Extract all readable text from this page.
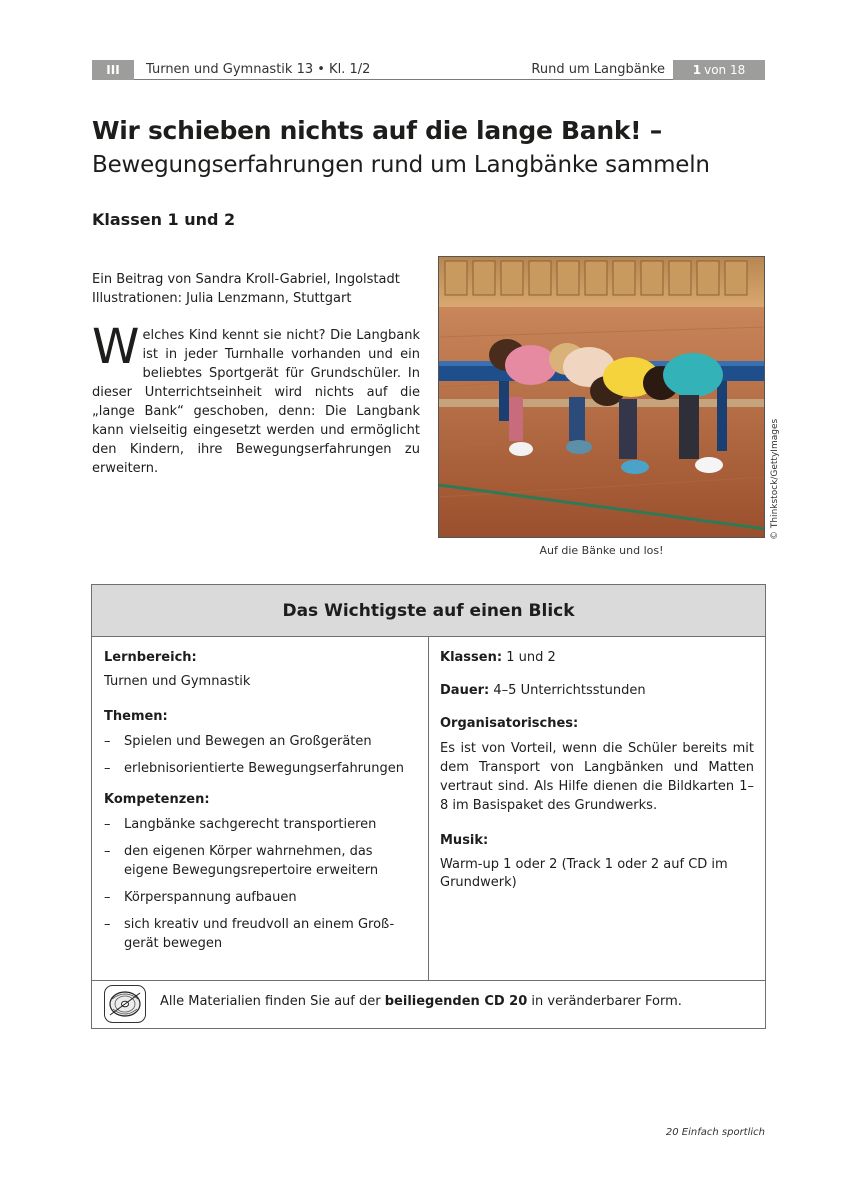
III	Turnen und Gymnastik 13 • Kl. 1/2	Rund um Langbänke	1 von 18
Wir schieben nichts auf die lange Bank! –
Bewegungserfahrungen rund um Langbänke sammeln
Klassen 1 und 2
Ein Beitrag von Sandra Kroll-Gabriel, Ingolstadt
Illustrationen: Julia Lenzmann, Stuttgart
Welches Kind kennt sie nicht? Die Langbank ist in jeder Turnhalle vorhanden und ein beliebtes Sportgerät für Grundschüler. In dieser Unterrichtseinheit wird nichts auf die „lange Bank“ geschoben, denn: Die Langbank kann vielseitig eingesetzt werden und ermöglicht den Kindern, ihre Bewegungserfahrungen zu erweitern.	© Thinkstock/GettyImages
Auf die Bänke und los!
Das Wichtigste auf einen Blick
Lernbereich:
Turnen und Gymnastik
Themen:
– Spielen und Bewegen an Großgeräten
– erlebnisorientierte Bewegungserfahrungen
Kompetenzen:
– Langbänke sachgerecht transportieren
– den eigenen Körper wahrnehmen, das eigene Bewegungsrepertoire erweitern
– Körperspannung aufbauen
– sich kreativ und freudvoll an einem Groß-gerät bewegen
Klassen: 1 und 2
Dauer: 4–5 Unterrichtsstunden
Organisatorisches:
Es ist von Vorteil, wenn die Schüler bereits mit dem Transport von Langbänken und Matten vertraut sind. Als Hilfe dienen die Bildkarten 1–8 im Basispaket des Grundwerks.
Musik:
Warm-up 1 oder 2 (Track 1 oder 2 auf CD im Grundwerk)
Alle Materialien finden Sie auf der beiliegenden CD 20 in veränderbarer Form.
20 Einfach sportlich
